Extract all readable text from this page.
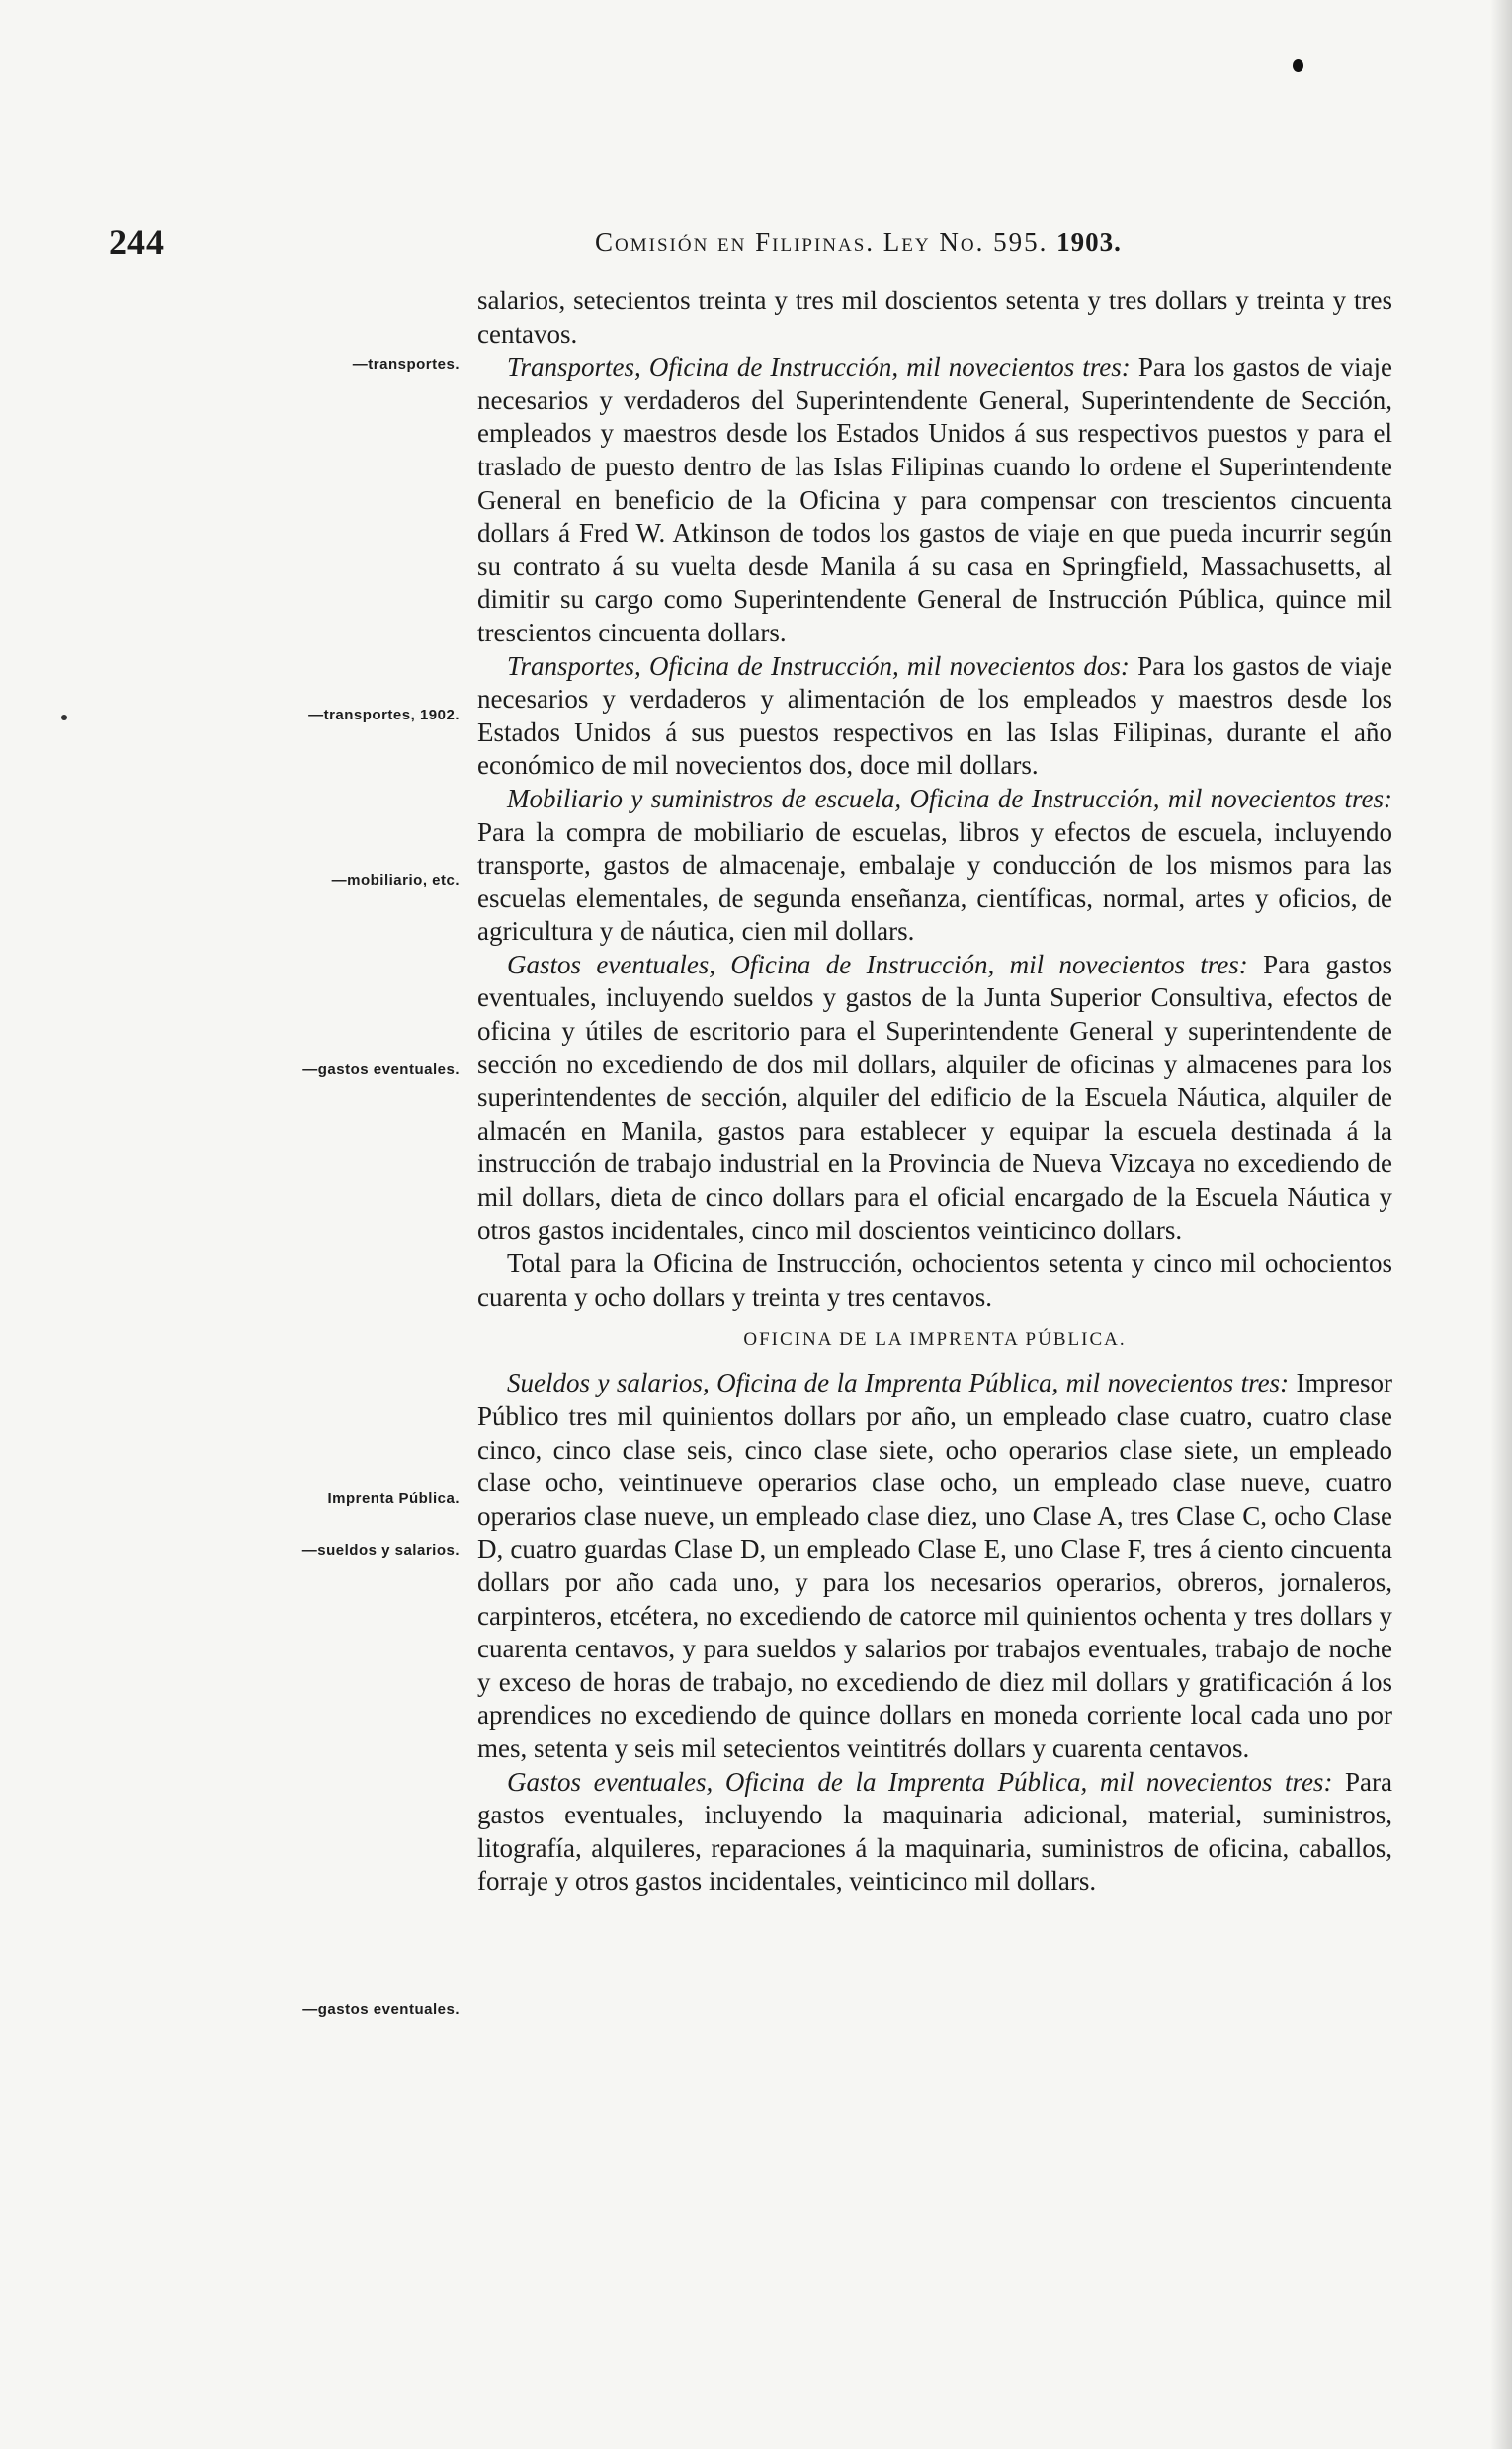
244	Comisión en Filipinas. Ley No. 595. 1903.
—transportes.
—transportes, 1902.
—mobiliario, etc.
—gastos eventuales.
Imprenta Pública.
—sueldos y salarios.
—gastos eventuales.

salarios, setecientos treinta y tres mil doscientos setenta y tres dollars y treinta y tres centavos.

Transportes, Oficina de Instrucción, mil novecientos tres: Para los gastos de viaje necesarios y verdaderos del Superintendente General, Superintendente de Sección, empleados y maestros desde los Estados Unidos á sus respectivos puestos y para el traslado de puesto dentro de las Islas Filipinas cuando lo ordene el Superintendente General en beneficio de la Oficina y para compensar con trescientos cincuenta dollars á Fred W. Atkinson de todos los gastos de viaje en que pueda incurrir según su contrato á su vuelta desde Manila á su casa en Springfield, Massachusetts, al dimitir su cargo como Superintendente General de Instrucción Pública, quince mil trescientos cincuenta dollars.

Transportes, Oficina de Instrucción, mil novecientos dos: Para los gastos de viaje necesarios y verdaderos y alimentación de los empleados y maestros desde los Estados Unidos á sus puestos respectivos en las Islas Filipinas, durante el año económico de mil novecientos dos, doce mil dollars.

Mobiliario y suministros de escuela, Oficina de Instrucción, mil novecientos tres: Para la compra de mobiliario de escuelas, libros y efectos de escuela, incluyendo transporte, gastos de almacenaje, embalaje y conducción de los mismos para las escuelas elementales, de segunda enseñanza, científicas, normal, artes y oficios, de agricultura y de náutica, cien mil dollars.

Gastos eventuales, Oficina de Instrucción, mil novecientos tres: Para gastos eventuales, incluyendo sueldos y gastos de la Junta Superior Consultiva, efectos de oficina y útiles de escritorio para el Superintendente General y superintendente de sección no excediendo de dos mil dollars, alquiler de oficinas y almacenes para los superintendentes de sección, alquiler del edificio de la Escuela Náutica, alquiler de almacén en Manila, gastos para establecer y equipar la escuela destinada á la instrucción de trabajo industrial en la Provincia de Nueva Vizcaya no excediendo de mil dollars, dieta de cinco dollars para el oficial encargado de la Escuela Náutica y otros gastos incidentales, cinco mil doscientos veinticinco dollars.

Total para la Oficina de Instrucción, ochocientos setenta y cinco mil ochocientos cuarenta y ocho dollars y treinta y tres centavos.

OFICINA DE LA IMPRENTA PÚBLICA.

Sueldos y salarios, Oficina de la Imprenta Pública, mil novecientos tres: Impresor Público tres mil quinientos dollars por año, un empleado clase cuatro, cuatro clase cinco, cinco clase seis, cinco clase siete, ocho operarios clase siete, un empleado clase ocho, veintinueve operarios clase ocho, un empleado clase nueve, cuatro operarios clase nueve, un empleado clase diez, uno Clase A, tres Clase C, ocho Clase D, cuatro guardas Clase D, un empleado Clase E, uno Clase F, tres á ciento cincuenta dollars por año cada uno, y para los necesarios operarios, obreros, jornaleros, carpinteros, etcétera, no excediendo de catorce mil quinientos ochenta y tres dollars y cuarenta centavos, y para sueldos y salarios por trabajos eventuales, trabajo de noche y exceso de horas de trabajo, no excediendo de diez mil dollars y gratificación á los aprendices no excediendo de quince dollars en moneda corriente local cada uno por mes, setenta y seis mil setecientos veintitrés dollars y cuarenta centavos.

Gastos eventuales, Oficina de la Imprenta Pública, mil novecientos tres: Para gastos eventuales, incluyendo la maquinaria adicional, material, suministros, litografía, alquileres, reparaciones á la maquinaria, suministros de oficina, caballos, forraje y otros gastos incidentales, veinticinco mil dollars.
